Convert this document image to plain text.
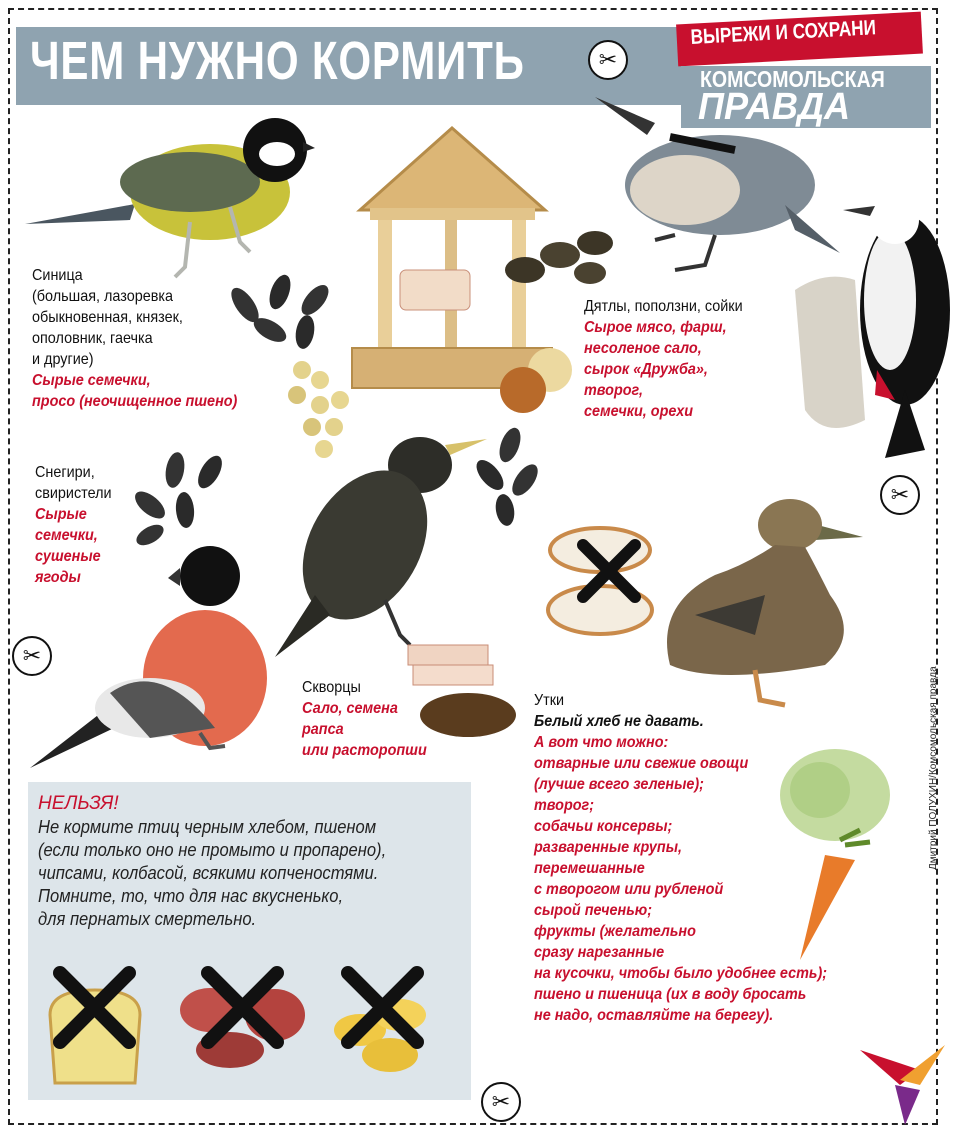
ЧЕМ НУЖНО КОРМИТЬ	ВЫРЕЖИ И СОХРАНИ
КОМСОМОЛЬСКАЯ
ПРАВДА
✂
✂
✂
✂
НЕЛЬЗЯ!
Не кормите птиц черным хлебом, пшеном
(если только оно не промыто и пропарено),
чипсами, колбасой, всякими копченостями.
Помните, то, что для нас вкусненько,
для пернатых смертельно.
Синица
(большая, лазоревка
обыкновенная, князек,
ополовник, гаечка
и другие)
Сырые семечки,
просо (неочищенное пшено)
Снегири,
свиристели
Сырые
семечки,
сушеные
ягоды
Дятлы, поползни, сойки
Сырое мясо, фарш,
несоленое сало,
сырок «Дружба»,
творог,
семечки, орехи
Скворцы
Сало, семена
рапса
или расторопши
Утки
Белый хлеб не давать.
А вот что можно:
отварные или свежие овощи
(лучше всего зеленые);
творог;
собачьи консервы;
разваренные крупы,
перемешанные
с творогом или рубленой
сырой печенью;
фрукты (желательно
сразу нарезанные
на кусочки, чтобы было удобнее есть);
пшено и пшеница (их в воду бросать
не надо, оставляйте на берегу).
Дмитрий ПОЛУХИН/Комсомольская правда
